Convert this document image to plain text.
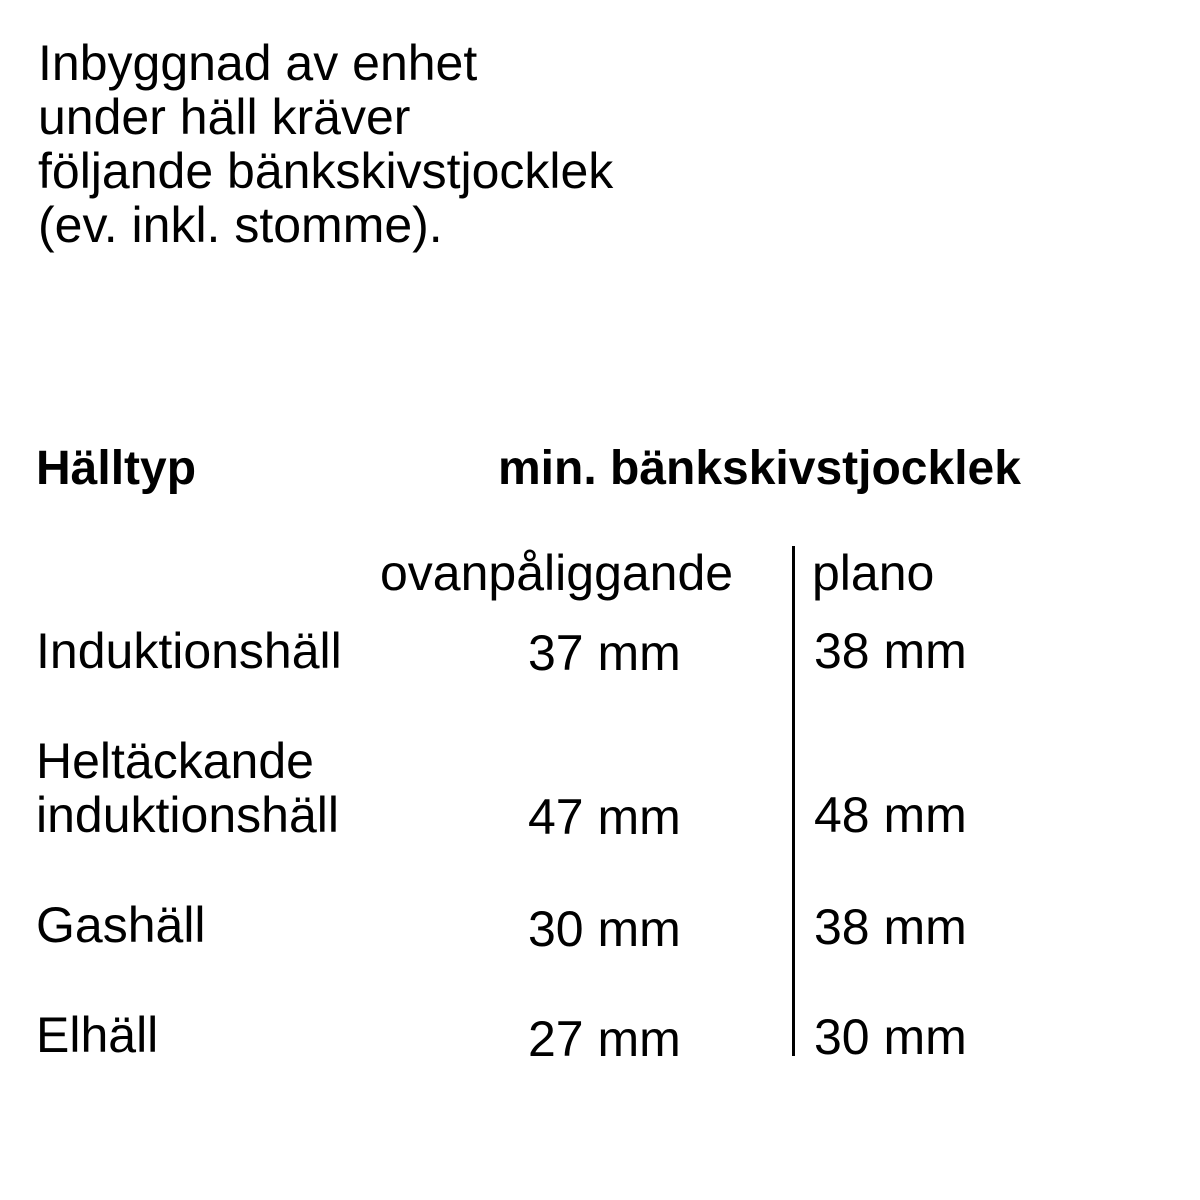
Inbyggnad av enhet
under häll kräver
följande bänkskivstjocklek
(ev. inkl. stomme).
Hälltyp	min. bänkskivstjocklek
ovanpåliggande plano
Induktionshäll	37 mm	38 mm
Heltäckande
induktionshäll	47 mm	48 mm
Gashäll	30 mm	38 mm
Elhäll	27 mm	30 mm
